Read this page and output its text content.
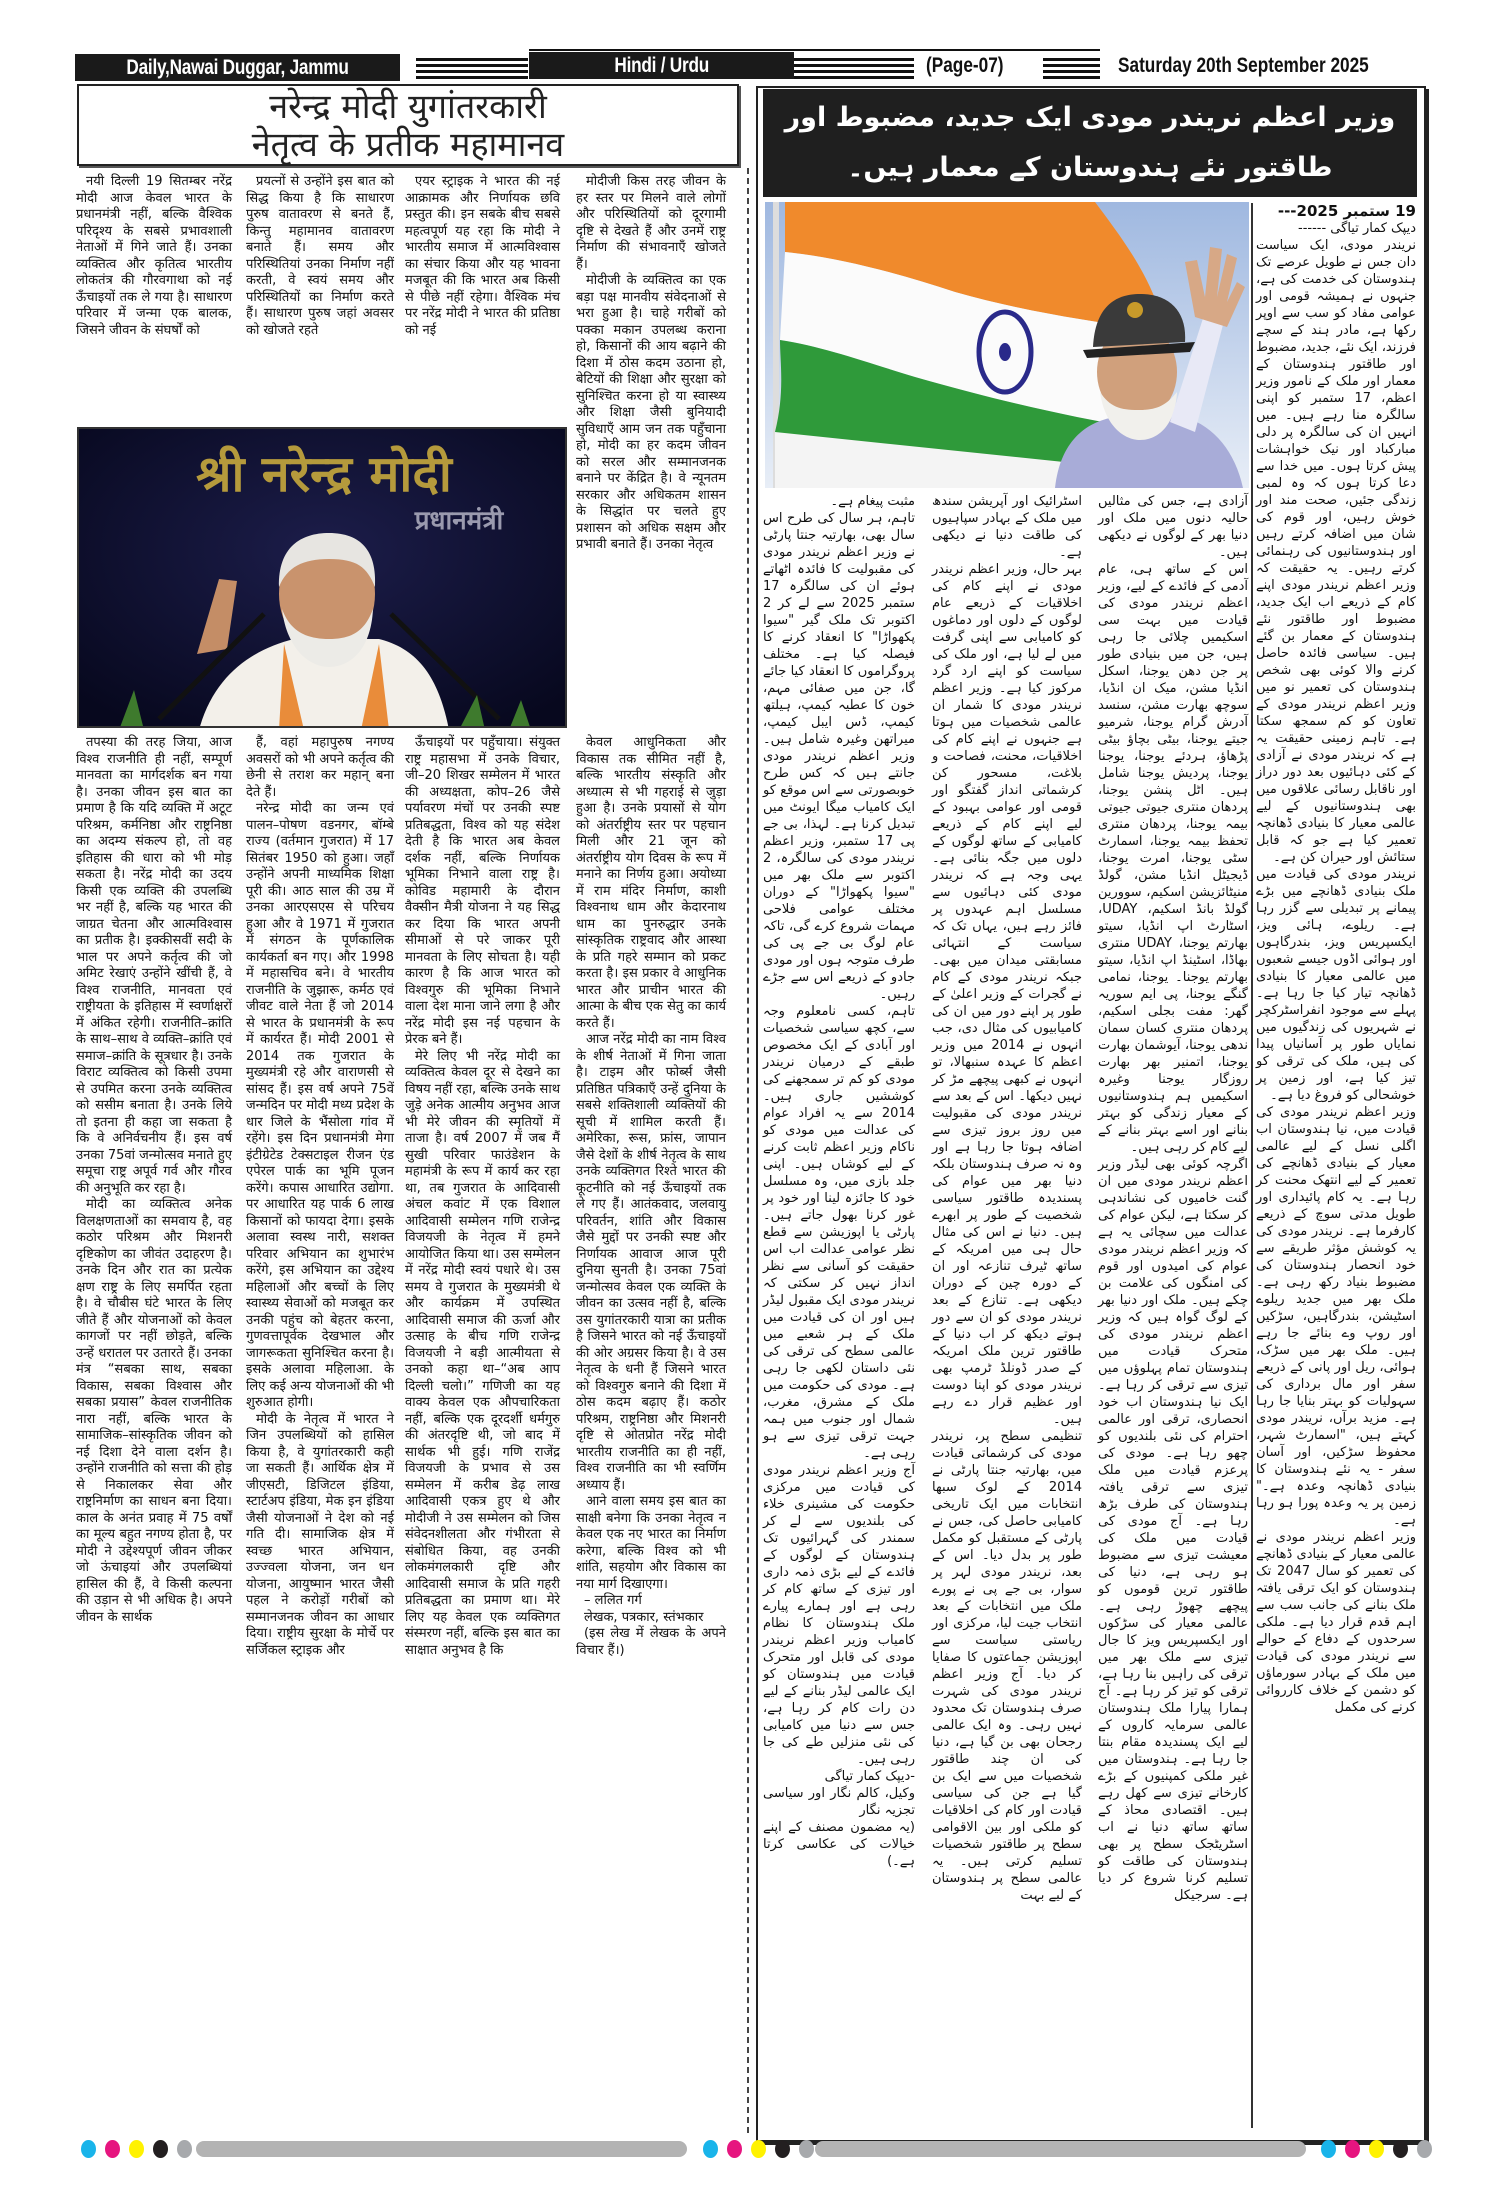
Daily,Nawai Duggar, Jammu	Hindi / Urdu	(Page-07)	Saturday 20th September 2025
नरेन्द्र मोदी युगांतरकारी
नेतृत्व के प्रतीक महामानव

नयी दिल्ली 19 सितम्बर नरेंद्र मोदी आज केवल भारत के प्रधानमंत्री नहीं, बल्कि वैश्विक परिदृश्य के सबसे प्रभावशाली नेताओं में गिने जाते हैं। उनका व्यक्तित्व और कृतित्व भारतीय लोकतंत्र की गौरवगाथा को नई ऊँचाइयों तक ले गया है। साधारण परिवार में जन्मा एक बालक, जिसने जीवन के संघर्षों को

प्रयत्नों से उन्होंने इस बात को सिद्ध किया है कि साधारण पुरुष वातावरण से बनते हैं, किन्तु महामानव वातावरण बनाते हैं। समय और परिस्थितियां उनका निर्माण नहीं करती, वे स्वयं समय और परिस्थितियों का निर्माण करते हैं। साधारण पुरुष जहां अवसर को खोजते रहते

एयर स्ट्राइक ने भारत की नई आक्रामक और निर्णायक छवि प्रस्तुत की। इन सबके बीच सबसे महत्वपूर्ण यह रहा कि मोदी ने भारतीय समाज में आत्मविश्वास का संचार किया और यह भावना मजबूत की कि भारत अब किसी से पीछे नहीं रहेगा। वैश्विक मंच पर नरेंद्र मोदी ने भारत की प्रतिष्ठा को नई

मोदीजी किस तरह जीवन के हर स्तर पर मिलने वाले लोगों और परिस्थितियों को दूरगामी दृष्टि से देखते हैं और उनमें राष्ट्र निर्माण की संभावनाएँ खोजते हैं।

मोदीजी के व्यक्तित्व का एक बड़ा पक्ष मानवीय संवेदनाओं से भरा हुआ है। चाहे गरीबों को पक्का मकान उपलब्ध कराना हो, किसानों की आय बढ़ाने की दिशा में ठोस कदम उठाना हो, बेटियों की शिक्षा और सुरक्षा को सुनिश्चित करना हो या स्वास्थ्य और शिक्षा जैसी बुनियादी सुविधाएँ आम जन तक पहुँचाना हो, मोदी का हर कदम जीवन को सरल और सम्मानजनक बनाने पर केंद्रित है। वे न्यूनतम सरकार और अधिकतम शासन के सिद्धांत पर चलते हुए प्रशासन को अधिक सक्षम और प्रभावी बनाते हैं। उनका नेतृत्व

श्री नरेन्द्र मोदी
प्रधानमंत्री

तपस्या की तरह जिया, आज विश्व राजनीति ही नहीं, सम्पूर्ण मानवता का मार्गदर्शक बन गया है। उनका जीवन इस बात का प्रमाण है कि यदि व्यक्ति में अटूट परिश्रम, कर्मनिष्ठा और राष्ट्रनिष्ठा का अदम्य संकल्प हो, तो वह इतिहास की धारा को भी मोड़ सकता है। नरेंद्र मोदी का उदय किसी एक व्यक्ति की उपलब्धि भर नहीं है, बल्कि यह भारत की जाग्रत चेतना और आत्मविश्वास का प्रतीक है। इक्कीसवीं सदी के भाल पर अपने कर्तृत्व की जो अमिट रेखाएं उन्होंने खींची हैं, वे विश्व राजनीति, मानवता एवं राष्ट्रीयता के इतिहास में स्वर्णाक्षरों में अंकित रहेगी। राजनीति–क्रांति के साथ–साथ वे व्यक्ति–क्रांति एवं समाज–क्रांति के सूत्रधार है। उनके विराट व्यक्तित्व को किसी उपमा से उपमित करना उनके व्यक्तित्व को ससीम बनाता है। उनके लिये तो इतना ही कहा जा सकता है कि वे अनिर्वचनीय हैं। इस वर्ष उनका 75वां जन्मोत्सव मनाते हुए समूचा राष्ट्र अपूर्व गर्व और गौरव की अनुभूति कर रहा है।

मोदी का व्यक्तित्व अनेक विलक्षणताओं का समवाय है, वह कठोर परिश्रम और मिशनरी दृष्टिकोण का जीवंत उदाहरण है। उनके दिन और रात का प्रत्येक क्षण राष्ट्र के लिए समर्पित रहता है। वे चौबीस घंटे भारत के लिए जीते हैं और योजनाओं को केवल कागजों पर नहीं छोड़ते, बल्कि उन्हें धरातल पर उतारते हैं। उनका मंत्र “सबका साथ, सबका विकास, सबका विश्वास और सबका प्रयास” केवल राजनीतिक नारा नहीं, बल्कि भारत के सामाजिक–सांस्कृतिक जीवन को नई दिशा देने वाला दर्शन है। उन्होंने राजनीति को सत्ता की होड़ से निकालकर सेवा और राष्ट्रनिर्माण का साधन बना दिया। काल के अनंत प्रवाह में 75 वर्षों का मूल्य बहुत नगण्य होता है, पर मोदी ने उद्देश्यपूर्ण जीवन जीकर जो ऊंचाइयां और उपलब्धियां हासिल की हैं, वे किसी कल्पना की उड़ान से भी अधिक है। अपने जीवन के सार्थक

हैं, वहां महापुरुष नगण्य अवसरों को भी अपने कर्तृत्व की छेनी से तराश कर महान् बना देते हैं।

नरेन्द्र मोदी का जन्म एवं पालन–पोषण वडनगर, बॉम्बे राज्य (वर्तमान गुजरात) में 17 सितंबर 1950 को हुआ। जहाँ उन्होंने अपनी माध्यमिक शिक्षा पूरी की। आठ साल की उम्र में उनका आरएसएस से परिचय हुआ और वे 1971 में गुजरात में संगठन के पूर्णकालिक कार्यकर्ता बन गए। और 1998 में महासचिव बने। वे भारतीय राजनीति के जुझारू, कर्मठ एवं जीवट वाले नेता हैं जो 2014 से भारत के प्रधानमंत्री के रूप में कार्यरत हैं। मोदी 2001 से 2014 तक गुजरात के मुख्यमंत्री रहे और वाराणसी से सांसद हैं। इस वर्ष अपने 75वें जन्मदिन पर मोदी मध्य प्रदेश के धार जिले के भैंसोला गांव में रहेंगे। इस दिन प्रधानमंत्री मेगा इंटीग्रेटेड टेक्सटाइल रीजन एंड एपेरल पार्क का भूमि पूजन करेंगे। कपास आधारित उद्योगा. पर आधारित यह पार्क 6 लाख किसानों को फायदा देगा। इसके अलावा स्वस्थ नारी, सशक्त परिवार अभियान का शुभारंभ करेंगे, इस अभियान का उद्देश्य महिलाओं और बच्चों के लिए स्वास्थ्य सेवाओं को मजबूत कर उनकी पहुंच को बेहतर करना, गुणवत्तापूर्वक देखभाल और जागरूकता सुनिश्चित करना है। इसके अलावा महिलाआ. के लिए कई अन्य योजनाओं की भी शुरुआत होगी।

मोदी के नेतृत्व में भारत ने जिन उपलब्धियों को हासिल किया है, वे युगांतरकारी कही जा सकती हैं। आर्थिक क्षेत्र में जीएसटी, डिजिटल इंडिया, स्टार्टअप इंडिया, मेक इन इंडिया जैसी योजनाओं ने देश को नई गति दी। सामाजिक क्षेत्र में स्वच्छ भारत अभियान, उज्ज्वला योजना, जन धन योजना, आयुष्मान भारत जैसी पहल ने करोड़ों गरीबों को सम्मानजनक जीवन का आधार दिया। राष्ट्रीय सुरक्षा के मोर्चे पर सर्जिकल स्ट्राइक और

ऊँचाइयों पर पहुँचाया। संयुक्त राष्ट्र महासभा में उनके विचार, जी–20 शिखर सम्मेलन में भारत की अध्यक्षता, कोप–26 जैसे पर्यावरण मंचों पर उनकी स्पष्ट प्रतिबद्धता, विश्व को यह संदेश देती है कि भारत अब केवल दर्शक नहीं, बल्कि निर्णायक भूमिका निभाने वाला राष्ट्र है। कोविड महामारी के दौरान वैक्सीन मैत्री योजना ने यह सिद्ध कर दिया कि भारत अपनी सीमाओं से परे जाकर पूरी मानवता के लिए सोचता है। यही कारण है कि आज भारत को विश्वगुरु की भूमिका निभाने वाला देश माना जाने लगा है और नरेंद्र मोदी इस नई पहचान के प्रेरक बने हैं।

मेरे लिए भी नरेंद्र मोदी का व्यक्तित्व केवल दूर से देखने का विषय नहीं रहा, बल्कि उनके साथ जुड़े अनेक आत्मीय अनुभव आज भी मेरे जीवन की स्मृतियों में ताजा है। वर्ष 2007 में जब मैं सुखी परिवार फाउंडेशन के महामंत्री के रूप में कार्य कर रहा था, तब गुजरात के आदिवासी अंचल कवांट में एक विशाल आदिवासी सम्मेलन गणि राजेन्द्र विजयजी के नेतृत्व में हमने आयोजित किया था। उस सम्मेलन में नरेंद्र मोदी स्वयं पधारे थे। उस समय वे गुजरात के मुख्यमंत्री थे और कार्यक्रम में उपस्थित आदिवासी समाज की ऊर्जा और उत्साह के बीच गणि राजेन्द्र विजयजी ने बड़ी आत्मीयता से उनको कहा था–“अब आप दिल्ली चलो।” गणिजी का यह वाक्य केवल एक औपचारिकता नहीं, बल्कि एक दूरदर्शी धर्मगुरु की अंतरदृष्टि थी, जो बाद में सार्थक भी हुई। गणि राजेंद्र विजयजी के प्रभाव से उस सम्मेलन में करीब डेढ़ लाख आदिवासी एकत्र हुए थे और मोदीजी ने उस सम्मेलन को जिस संवेदनशीलता और गंभीरता से संबोधित किया, वह उनकी लोकमंगलकारी दृष्टि और आदिवासी समाज के प्रति गहरी प्रतिबद्धता का प्रमाण था। मेरे लिए यह केवल एक व्यक्तिगत संस्मरण नहीं, बल्कि इस बात का साक्षात अनुभव है कि

केवल आधुनिकता और विकास तक सीमित नहीं है, बल्कि भारतीय संस्कृति और अध्यात्म से भी गहराई से जुड़ा हुआ है। उनके प्रयासों से योग को अंतर्राष्ट्रीय स्तर पर पहचान मिली और 21 जून को अंतर्राष्ट्रीय योग दिवस के रूप में मनाने का निर्णय हुआ। अयोध्या में राम मंदिर निर्माण, काशी विश्वनाथ धाम और केदारनाथ धाम का पुनरुद्धार उनके सांस्कृतिक राष्ट्रवाद और आस्था के प्रति गहरे सम्मान को प्रकट करता है। इस प्रकार वे आधुनिक भारत और प्राचीन भारत की आत्मा के बीच एक सेतु का कार्य करते हैं।

आज नरेंद्र मोदी का नाम विश्व के शीर्ष नेताओं में गिना जाता है। टाइम और फोर्ब्स जैसी प्रतिष्ठित पत्रिकाएँ उन्हें दुनिया के सबसे शक्तिशाली व्यक्तियों की सूची में शामिल करती हैं। अमेरिका, रूस, फ्रांस, जापान जैसे देशों के शीर्ष नेतृत्व के साथ उनके व्यक्तिगत रिश्ते भारत की कूटनीति को नई ऊँचाइयों तक ले गए हैं। आतंकवाद, जलवायु परिवर्तन, शांति और विकास जैसे मुद्दों पर उनकी स्पष्ट और निर्णायक आवाज आज पूरी दुनिया सुनती है। उनका 75वां जन्मोत्सव केवल एक व्यक्ति के जीवन का उत्सव नहीं है, बल्कि उस युगांतरकारी यात्रा का प्रतीक है जिसने भारत को नई ऊँचाइयों की ओर अग्रसर किया है। वे उस नेतृत्व के धनी हैं जिसने भारत को विश्वगुरु बनाने की दिशा में ठोस कदम बढ़ाए हैं। कठोर परिश्रम, राष्ट्रनिष्ठा और मिशनरी दृष्टि से ओतप्रोत नरेंद्र मोदी भारतीय राजनीति का ही नहीं, विश्व राजनीति का भी स्वर्णिम अध्याय हैं।

आने वाला समय इस बात का साक्षी बनेगा कि उनका नेतृत्व न केवल एक नए भारत का निर्माण करेगा, बल्कि विश्व को भी शांति, सहयोग और विकास का नया मार्ग दिखाएगा।

– ललित गर्ग

लेखक, पत्रकार, स्तंभकार

(इस लेख में लेखक के अपने विचार हैं।)

وزیر اعظم نریندر مودی ایک جدید، مضبوط اور
طاقتور نئے ہندوستان کے معمار ہیں۔

19 ستمبر 2025---

دیپک کمار تیاگی ------

نریندر مودی، ایک سیاست دان جس نے طویل عرصے تک ہندوستان کی خدمت کی ہے، جنہوں نے ہمیشہ قومی اور عوامی مفاد کو سب سے اوپر رکھا ہے، مادر ہند کے سچے فرزند، ایک نئے، جدید، مضبوط اور طاقتور ہندوستان کے معمار اور ملک کے نامور وزیر اعظم، 17 ستمبر کو اپنی سالگرہ منا رہے ہیں۔ میں انہیں ان کی سالگرہ پر دلی مبارکباد اور نیک خواہشات پیش کرتا ہوں۔ میں خدا سے دعا کرتا ہوں کہ وہ لمبی زندگی جئیں، صحت مند اور خوش رہیں، اور قوم کی شان میں اضافہ کرتے رہیں اور ہندوستانیوں کی رہنمائی کرتے رہیں۔ یہ حقیقت کہ وزیر اعظم نریندر مودی اپنے کام کے ذریعے اب ایک جدید، مضبوط اور طاقتور نئے ہندوستان کے معمار بن گئے ہیں۔ سیاسی فائدہ حاصل کرنے والا کوئی بھی شخص ہندوستان کی تعمیر نو میں وزیر اعظم نریندر مودی کے تعاون کو کم سمجھ سکتا ہے۔ تاہم زمینی حقیقت یہ ہے کہ نریندر مودی نے آزادی کے کئی دہائیوں بعد دور دراز اور ناقابل رسائی علاقوں میں بھی ہندوستانیوں کے لیے عالمی معیار کا بنیادی ڈھانچہ تعمیر کیا ہے جو کہ قابل ستائش اور حیران کن ہے۔

نریندر مودی کی قیادت میں ملک بنیادی ڈھانچے میں بڑے پیمانے پر تبدیلی سے گزر رہا ہے۔ ریلوے، ہائی ویز، ایکسپریس ویز، بندرگاہوں اور ہوائی اڈوں جیسے شعبوں میں عالمی معیار کا بنیادی ڈھانچہ تیار کیا جا رہا ہے۔ پہلے سے موجود انفراسٹرکچر نے شہریوں کی زندگیوں میں نمایاں طور پر آسانیاں پیدا کی ہیں، ملک کی ترقی کو تیز کیا ہے، اور زمین پر خوشحالی کو فروغ دیا ہے۔

وزیر اعظم نریندر مودی کی قیادت میں، نیا ہندوستان اب اگلی نسل کے لیے عالمی معیار کے بنیادی ڈھانچے کی تعمیر کے لیے انتھک محنت کر رہا ہے۔ یہ کام پائیداری اور طویل مدتی سوچ کے ذریعے کارفرما ہے۔ نریندر مودی کی یہ کوشش مؤثر طریقے سے خود انحصار ہندوستان کی مضبوط بنیاد رکھ رہی ہے۔ ملک بھر میں جدید ریلوے اسٹیشن، بندرگاہیں، سڑکیں اور روپ وے بنائے جا رہے ہیں۔ ملک بھر میں سڑک، ہوائی، ریل اور پانی کے ذریعے سفر اور مال برداری کی سہولیات کو بہتر بنایا جا رہا ہے۔ مزید برآں، نریندر مودی کہتے ہیں، "اسمارٹ شہر، محفوظ سڑکیں، اور آسان سفر - یہ نئے ہندوستان کا بنیادی ڈھانچہ وعدہ ہے۔" زمین پر یہ وعدہ پورا ہو رہا ہے۔

وزیر اعظم نریندر مودی نے عالمی معیار کے بنیادی ڈھانچے کی تعمیر کو سال 2047 تک ہندوستان کو ایک ترقی یافتہ ملک بنانے کی جانب سب سے اہم قدم قرار دیا ہے۔ ملکی سرحدوں کے دفاع کے حوالے سے نریندر مودی کی قیادت میں ملک کے بہادر سورماؤں کو دشمن کے خلاف کارروائی کرنے کی مکمل

آزادی ہے، جس کی مثالیں حالیہ دنوں میں ملک اور دنیا بھر کے لوگوں نے دیکھی ہیں۔

اس کے ساتھ ہی، عام آدمی کے فائدے کے لیے، وزیر اعظم نریندر مودی کی قیادت میں بہت سی اسکیمیں چلائی جا رہی ہیں، جن میں بنیادی طور پر جن دھن یوجنا، اسکل انڈیا مشن، میک ان انڈیا، سوچھ بھارت مشن، سنسد آدرش گرام یوجنا، شرمیو جیتے یوجنا، بیٹی بچاؤ بیٹی پڑھاؤ، ہردئے یوجنا، یوجنا یوجنا، پردیش یوجنا شامل ہیں۔ اٹل پنشن یوجنا، پردھان منتری جیوتی جیوتی بیمہ یوجنا، پردھان منتری تحفظ بیمہ یوجنا، اسمارٹ سٹی یوجنا، امرت یوجنا، ڈیجیٹل انڈیا مشن، گولڈ منیٹائزیشن اسکیم، سوورین گولڈ بانڈ اسکیم، UDAY، اسٹارٹ اپ انڈیا، سیتو بھارتم یوجنا، UDAY منتری بھاڈا، اسٹینڈ اپ انڈیا، سیتو بھارتم یوجنا۔ یوجنا، نمامی گنگے یوجنا، پی ایم سوریہ گھر: مفت بجلی اسکیم، پردھان منتری کسان سمان ندھی یوجنا، آیوشمان بھارت یوجنا، اتمنیر بھر بھارت روزگار یوجنا وغیرہ اسکیمیں ہم ہندوستانیوں کے معیار زندگی کو بہتر بنانے اور اسے بہتر بنانے کے لیے کام کر رہی ہیں۔

اگرچہ کوئی بھی لیڈر وزیر اعظم نریندر مودی میں ان گنت خامیوں کی نشاندہی کر سکتا ہے، لیکن عوام کی عدالت میں سچائی یہ ہے کہ وزیر اعظم نریندر مودی عوام کی امیدوں اور قوم کی امنگوں کی علامت بن چکے ہیں۔ ملک اور دنیا بھر کے لوگ گواہ ہیں کہ وزیر اعظم نریندر مودی کی متحرک قیادت میں ہندوستان تمام پہلوؤں میں تیزی سے ترقی کر رہا ہے۔ ایک نیا ہندوستان اب خود انحصاری، ترقی اور عالمی احترام کی نئی بلندیوں کو چھو رہا ہے۔ مودی کی پرعزم قیادت میں ملک تیزی سے ترقی یافتہ ہندوستان کی طرف بڑھ رہا ہے۔ آج مودی کی قیادت میں ملک کی معیشت تیزی سے مضبوط ہو رہی ہے، دنیا کی طاقتور ترین قوموں کو پیچھے چھوڑ رہی ہے۔ عالمی معیار کی سڑکوں اور ایکسپریس ویز کا جال تیزی سے ملک بھر میں ترقی کی راہیں بنا رہا ہے، ترقی کو تیز کر رہا ہے۔ آج ہمارا پیارا ملک ہندوستان عالمی سرمایہ کاروں کے لیے ایک پسندیدہ مقام بنتا جا رہا ہے۔ ہندوستان میں غیر ملکی کمپنیوں کے بڑے کارخانے تیزی سے کھل رہے ہیں۔ اقتصادی محاذ کے ساتھ ساتھ دنیا نے اب اسٹریٹجک سطح پر بھی ہندوستان کی طاقت کو تسلیم کرنا شروع کر دیا ہے۔ سرجیکل

اسٹرائیک اور آپریشن سندھ میں ملک کے بہادر سپاہیوں کی طاقت دنیا نے دیکھی ہے۔

بہر حال، وزیر اعظم نریندر مودی نے اپنے کام کی اخلاقیات کے ذریعے عام لوگوں کے دلوں اور دماغوں کو کامیابی سے اپنی گرفت میں لے لیا ہے، اور ملک کی سیاست کو اپنے ارد گرد مرکوز کیا ہے۔ وزیر اعظم نریندر مودی کا شمار ان عالمی شخصیات میں ہوتا ہے جنہوں نے اپنے کام کی اخلاقیات، محنت، فصاحت و بلاغت، مسحور کن کرشماتی انداز گفتگو اور قومی اور عوامی بہبود کے لیے اپنے کام کے ذریعے کامیابی کے ساتھ لوگوں کے دلوں میں جگہ بنائی ہے۔ یہی وجہ ہے کہ نریندر مودی کئی دہائیوں سے مسلسل اہم عہدوں پر فائز رہے ہیں، یہاں تک کہ سیاست کے انتہائی مسابقتی میدان میں بھی۔ جبکہ نریندر مودی کے کام نے گجرات کے وزیر اعلیٰ کے طور پر اپنے دور میں ان کی کامیابیوں کی مثال دی، جب انہوں نے 2014 میں وزیر اعظم کا عہدہ سنبھالا، تو انہوں نے کبھی پیچھے مڑ کر نہیں دیکھا۔ اس کے بعد سے نریندر مودی کی مقبولیت میں روز بروز تیزی سے اضافہ ہوتا جا رہا ہے اور وہ نہ صرف ہندوستان بلکہ دنیا بھر میں عوام کی پسندیدہ طاقتور سیاسی شخصیت کے طور پر ابھرے ہیں۔ دنیا نے اس کی مثال حال ہی میں امریکہ کے ساتھ ٹیرف تنازعہ اور ان کے دورہ چین کے دوران دیکھی ہے۔ تنازع کے بعد نریندر مودی کو ان سے دور ہوتے دیکھ کر اب دنیا کے طاقتور ترین ملک امریکہ کے صدر ڈونلڈ ٹرمپ بھی نریندر مودی کو اپنا دوست اور عظیم قرار دے رہے ہیں۔

تنظیمی سطح پر، نریندر مودی کی کرشماتی قیادت میں، بھارتیہ جنتا پارٹی نے 2014 کے لوک سبھا انتخابات میں ایک تاریخی کامیابی حاصل کی، جس نے پارٹی کے مستقبل کو مکمل طور پر بدل دیا۔ اس کے بعد، نریندر مودی لہر پر سوار، بی جے پی نے پورے ملک میں انتخابات کے بعد انتخاب جیت لیا، مرکزی اور ریاستی سیاست سے اپوزیشن جماعتوں کا صفایا کر دیا۔ آج وزیر اعظم نریندر مودی کی شہرت صرف ہندوستان تک محدود نہیں رہی۔ وہ ایک عالمی رجحان بھی بن گیا ہے، دنیا کی ان چند طاقتور شخصیات میں سے ایک بن گیا ہے جن کی سیاسی قیادت اور کام کی اخلاقیات کو ملکی اور بین الاقوامی سطح پر طاقتور شخصیات تسلیم کرتی ہیں۔ یہ عالمی سطح پر ہندوستان کے لیے بہت

مثبت پیغام ہے۔

تاہم، ہر سال کی طرح اس سال بھی، بھارتیہ جنتا پارٹی نے وزیر اعظم نریندر مودی کی مقبولیت کا فائدہ اٹھاتے ہوئے ان کی سالگرہ 17 ستمبر 2025 سے لے کر 2 اکتوبر تک ملک گیر "سیوا پکھواڑا" کا انعقاد کرنے کا فیصلہ کیا ہے۔ مختلف پروگراموں کا انعقاد کیا جائے گا، جن میں صفائی مہم، خون کا عطیہ کیمپ، ہیلتھ کیمپ، ڈس ایبل کیمپ، میراتھن وغیرہ شامل ہیں۔ وزیر اعظم نریندر مودی جانتے ہیں کہ کس طرح خوبصورتی سے اس موقع کو ایک کامیاب میگا ایونٹ میں تبدیل کرنا ہے۔ لہذا، بی جے پی 17 ستمبر، وزیر اعظم نریندر مودی کی سالگرہ، 2 اکتوبر سے ملک بھر میں "سیوا پکھواڑا" کے دوران مختلف عوامی فلاحی مہمات شروع کرے گی، تاکہ عام لوگ بی جے پی کی طرف متوجہ ہوں اور مودی جادو کے ذریعے اس سے جڑے رہیں۔

تاہم، کسی نامعلوم وجہ سے، کچھ سیاسی شخصیات اور آبادی کے ایک مخصوص طبقے کے درمیان نریندر مودی کو کم تر سمجھنے کی کوششیں جاری ہیں۔ 2014 سے یہ افراد عوام کی عدالت میں مودی کو ناکام وزیر اعظم ثابت کرنے کے لیے کوشاں ہیں۔ اپنی جلد بازی میں، وہ مسلسل خود کا جائزہ لینا اور خود پر غور کرنا بھول جاتے ہیں۔ پارٹی یا اپوزیشن سے قطع نظر عوامی عدالت اب اس حقیقت کو آسانی سے نظر انداز نہیں کر سکتی کہ نریندر مودی ایک مقبول لیڈر ہیں اور ان کی قیادت میں ملک کے ہر شعبے میں عالمی سطح کی ترقی کی نئی داستان لکھی جا رہی ہے۔ مودی کی حکومت میں ملک کے مشرق، مغرب، شمال اور جنوب میں ہمہ جہت ترقی تیزی سے ہو رہی ہے۔

آج وزیر اعظم نریندر مودی کی قیادت میں مرکزی حکومت کی مشینری خلاء کی بلندیوں سے لے کر سمندر کی گہرائیوں تک ہندوستان کے لوگوں کے فائدے کے لیے بڑی ذمہ داری اور تیزی کے ساتھ کام کر رہی ہے اور ہمارے پیارے ملک ہندوستان کا نظام کامیاب وزیر اعظم نریندر مودی کی قابل اور متحرک قیادت میں ہندوستان کو ایک عالمی لیڈر بنانے کے لیے دن رات کام کر رہا ہے، جس سے دنیا میں کامیابی کی نئی منزلیں طے کی جا رہی ہیں۔

-دیپک کمار تیاگی

وکیل، کالم نگار اور سیاسی تجزیہ نگار

(یہ مضمون مصنف کے اپنے خیالات کی عکاسی کرتا ہے۔)
